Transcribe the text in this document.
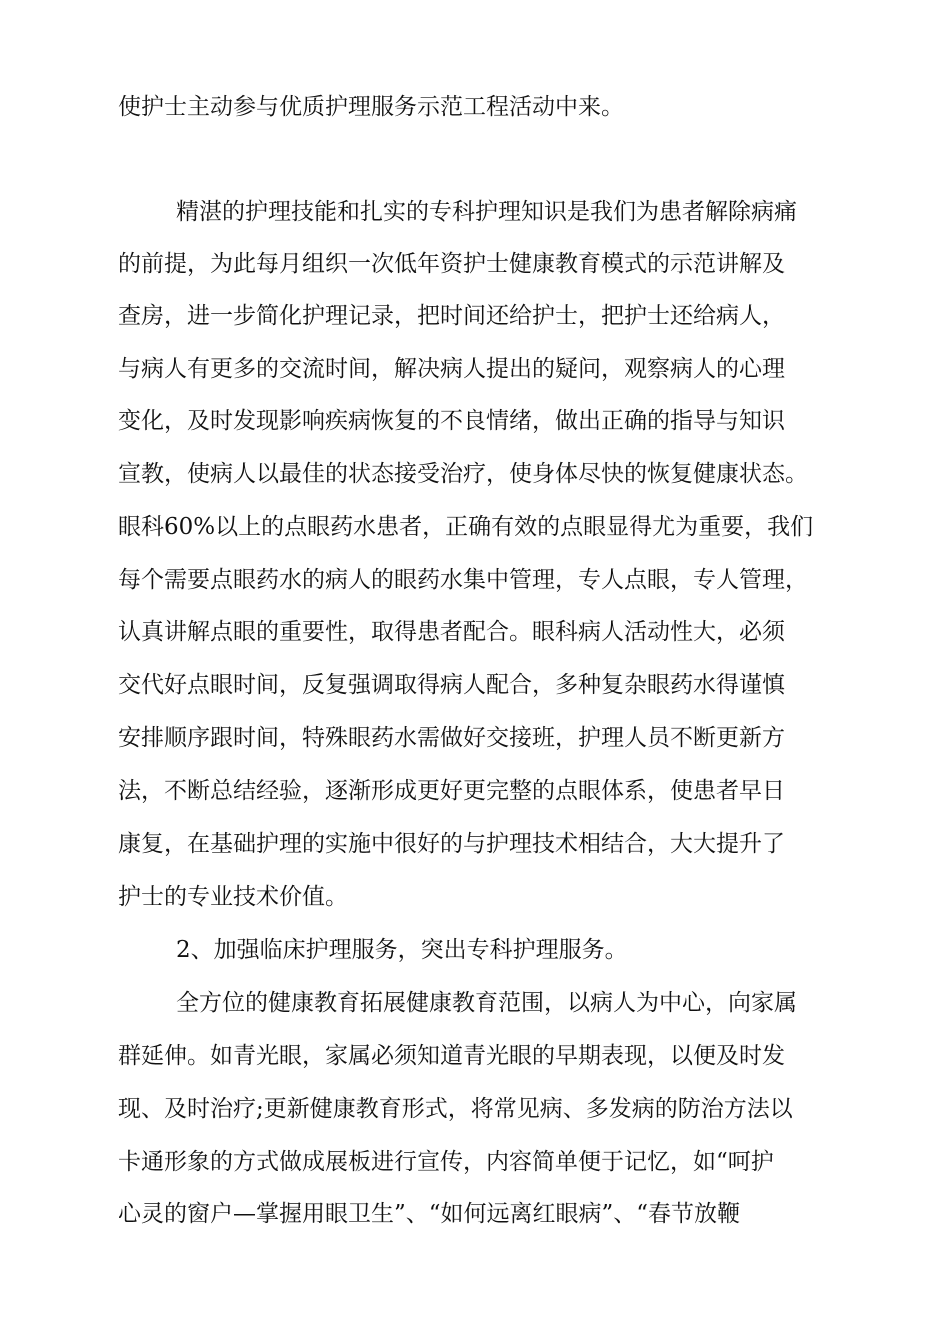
使护士主动参与优质护理服务示范工程活动中来。
精湛的护理技能和扎实的专科护理知识是我们为患者解除病痛
的前提，为此每月组织一次低年资护士健康教育模式的示范讲解及
查房，进一步简化护理记录，把时间还给护士，把护士还给病人，
与病人有更多的交流时间，解决病人提出的疑问，观察病人的心理
变化，及时发现影响疾病恢复的不良情绪，做出正确的指导与知识
宣教，使病人以最佳的状态接受治疗，使身体尽快的恢复健康状态。
眼科60%以上的点眼药水患者，正确有效的点眼显得尤为重要，我们
每个需要点眼药水的病人的眼药水集中管理，专人点眼，专人管理，
认真讲解点眼的重要性，取得患者配合。眼科病人活动性大，必须
交代好点眼时间，反复强调取得病人配合，多种复杂眼药水得谨慎
安排顺序跟时间，特殊眼药水需做好交接班，护理人员不断更新方
法，不断总结经验，逐渐形成更好更完整的点眼体系，使患者早日
康复，在基础护理的实施中很好的与护理技术相结合，大大提升了
护士的专业技术价值。
2、加强临床护理服务，突出专科护理服务。
全方位的健康教育拓展健康教育范围，以病人为中心，向家属
群延伸。如青光眼，家属必须知道青光眼的早期表现，以便及时发
现、及时治疗;更新健康教育形式，将常见病、多发病的防治方法以
卡通形象的方式做成展板进行宣传，内容简单便于记忆，如“呵护
心灵的窗户—掌握用眼卫生”、“如何远离红眼病”、“春节放鞭
